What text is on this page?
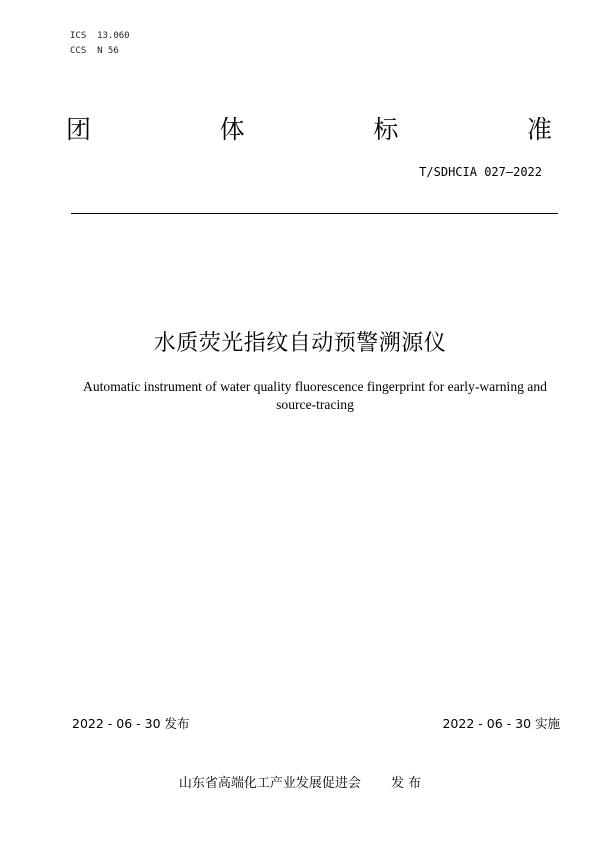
ICS  13.060
CCS  N 56
团	体	标	准
T/SDHCIA 027—2022
水质荧光指纹自动预警溯源仪
Automatic instrument of water quality fluorescence fingerprint for early-warning and source-tracing
2022 - 06 - 30 发布	2022 - 06 - 30 实施
山东省高端化工产业发展促进会 发 布
